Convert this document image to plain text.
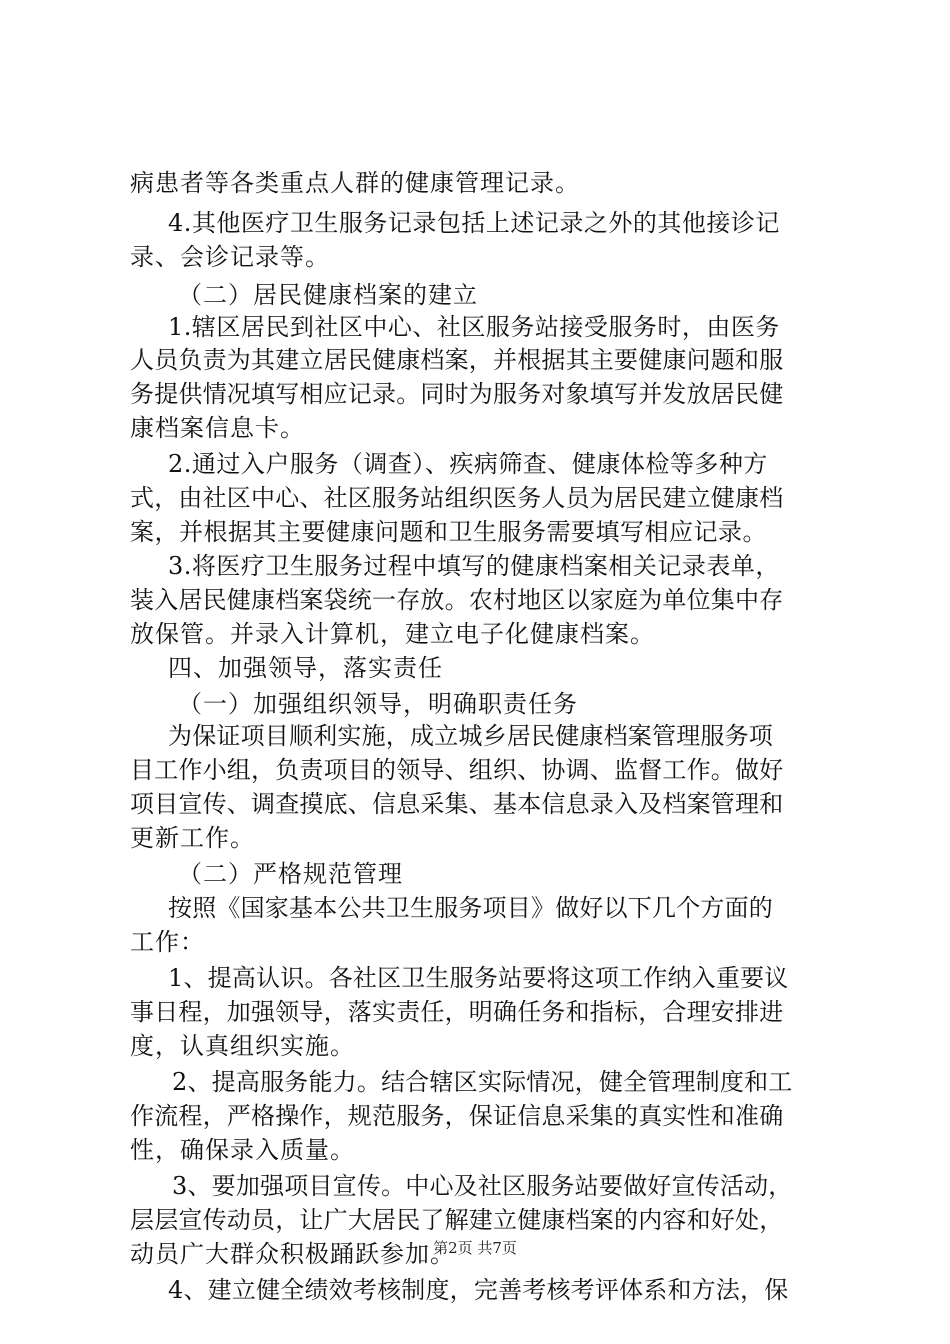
病患者等各类重点人群的健康管理记录。
4.其他医疗卫生服务记录包括上述记录之外的其他接诊记
录、会诊记录等。
（二）居民健康档案的建立
1.辖区居民到社区中心、社区服务站接受服务时，由医务
人员负责为其建立居民健康档案，并根据其主要健康问题和服
务提供情况填写相应记录。同时为服务对象填写并发放居民健
康档案信息卡。
2.通过入户服务（调查）、疾病筛查、健康体检等多种方
式，由社区中心、社区服务站组织医务人员为居民建立健康档
案，并根据其主要健康问题和卫生服务需要填写相应记录。
3.将医疗卫生服务过程中填写的健康档案相关记录表单，
装入居民健康档案袋统一存放。农村地区以家庭为单位集中存
放保管。并录入计算机，建立电子化健康档案。
四、加强领导，落实责任
（一）加强组织领导，明确职责任务
为保证项目顺利实施，成立城乡居民健康档案管理服务项
目工作小组，负责项目的领导、组织、协调、监督工作。做好
项目宣传、调查摸底、信息采集、基本信息录入及档案管理和
更新工作。
（二）严格规范管理
按照《国家基本公共卫生服务项目》做好以下几个方面的
工作：
1、提高认识。各社区卫生服务站要将这项工作纳入重要议
事日程，加强领导，落实责任，明确任务和指标，合理安排进
度，认真组织实施。
2、提高服务能力。结合辖区实际情况，健全管理制度和工
作流程，严格操作，规范服务，保证信息采集的真实性和准确
性，确保录入质量。
3、要加强项目宣传。中心及社区服务站要做好宣传活动，
层层宣传动员，让广大居民了解建立健康档案的内容和好处，
动员广大群众积极踊跃参加。
4、建立健全绩效考核制度，完善考核考评体系和方法，保
第2页 共7页
